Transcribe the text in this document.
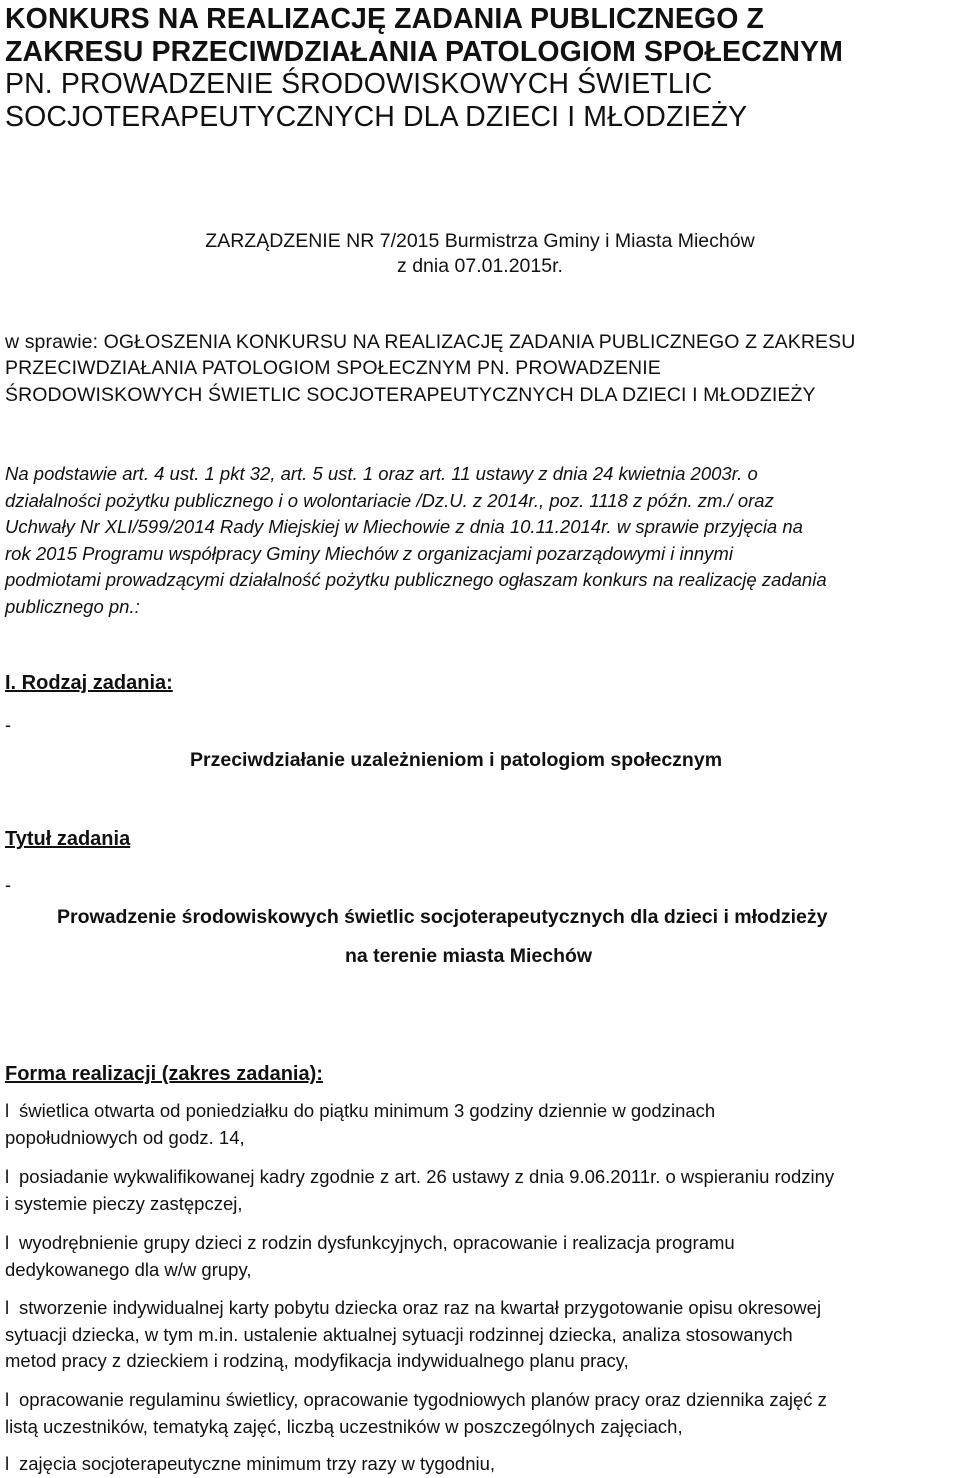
KONKURS NA REALIZACJĘ ZADANIA PUBLICZNEGO Z
ZAKRESU PRZECIWDZIAŁANIA PATOLOGIOM SPOŁECZNYM
PN. PROWADZENIE ŚRODOWISKOWYCH ŚWIETLIC
SOCJOTERAPEUTYCZNYCH DLA DZIECI I MŁODZIEŻY

ZARZĄDZENIE NR 7/2015 Burmistrza Gminy i Miasta Miechów

z dnia 07.01.2015r.

w sprawie: OGŁOSZENIA KONKURSU NA REALIZACJĘ ZADANIA PUBLICZNEGO Z ZAKRESU
PRZECIWDZIAŁANIA PATOLOGIOM SPOŁECZNYM PN. PROWADZENIE
ŚRODOWISKOWYCH ŚWIETLIC SOCJOTERAPEUTYCZNYCH DLA DZIECI I MŁODZIEŻY

Na podstawie art. 4 ust. 1 pkt 32, art. 5 ust. 1 oraz art. 11 ustawy z dnia 24 kwietnia 2003r. o
działalności pożytku publicznego i o wolontariacie /Dz.U. z 2014r., poz. 1118 z późn. zm./ oraz
Uchwały Nr XLI/599/2014 Rady Miejskiej w Miechowie z dnia 10.11.2014r. w sprawie przyjęcia na
rok 2015 Programu współpracy Gminy Miechów z organizacjami pozarządowymi i innymi
podmiotami prowadzącymi działalność pożytku publicznego ogłaszam konkurs na realizację zadania
publicznego pn.:

I. Rodzaj zadania:
-

Przeciwdziałanie uzależnieniom i patologiom społecznym

Tytuł zadania
-

Prowadzenie środowiskowych świetlic socjoterapeutycznych dla dzieci i młodzieży

na terenie miasta Miechów

Forma realizacji (zakres zadania):

l świetlica otwarta od poniedziałku do piątku minimum 3 godziny dziennie w godzinach
popołudniowych od godz. 14,

l posiadanie wykwalifikowanej kadry zgodnie z art. 26 ustawy z dnia 9.06.2011r. o wspieraniu rodziny
i systemie pieczy zastępczej,

l wyodrębnienie grupy dzieci z rodzin dysfunkcyjnych, opracowanie i realizacja programu
dedykowanego dla w/w grupy,

l stworzenie indywidualnej karty pobytu dziecka oraz raz na kwartał przygotowanie opisu okresowej
sytuacji dziecka, w tym m.in. ustalenie aktualnej sytuacji rodzinnej dziecka, analiza stosowanych
metod pracy z dzieckiem i rodziną, modyfikacja indywidualnego planu pracy,

l opracowanie regulaminu świetlicy, opracowanie tygodniowych planów pracy oraz dziennika zajęć z
listą uczestników, tematyką zajęć, liczbą uczestników w poszczególnych zajęciach,

l zajęcia socjoterapeutyczne minimum trzy razy w tygodniu,
